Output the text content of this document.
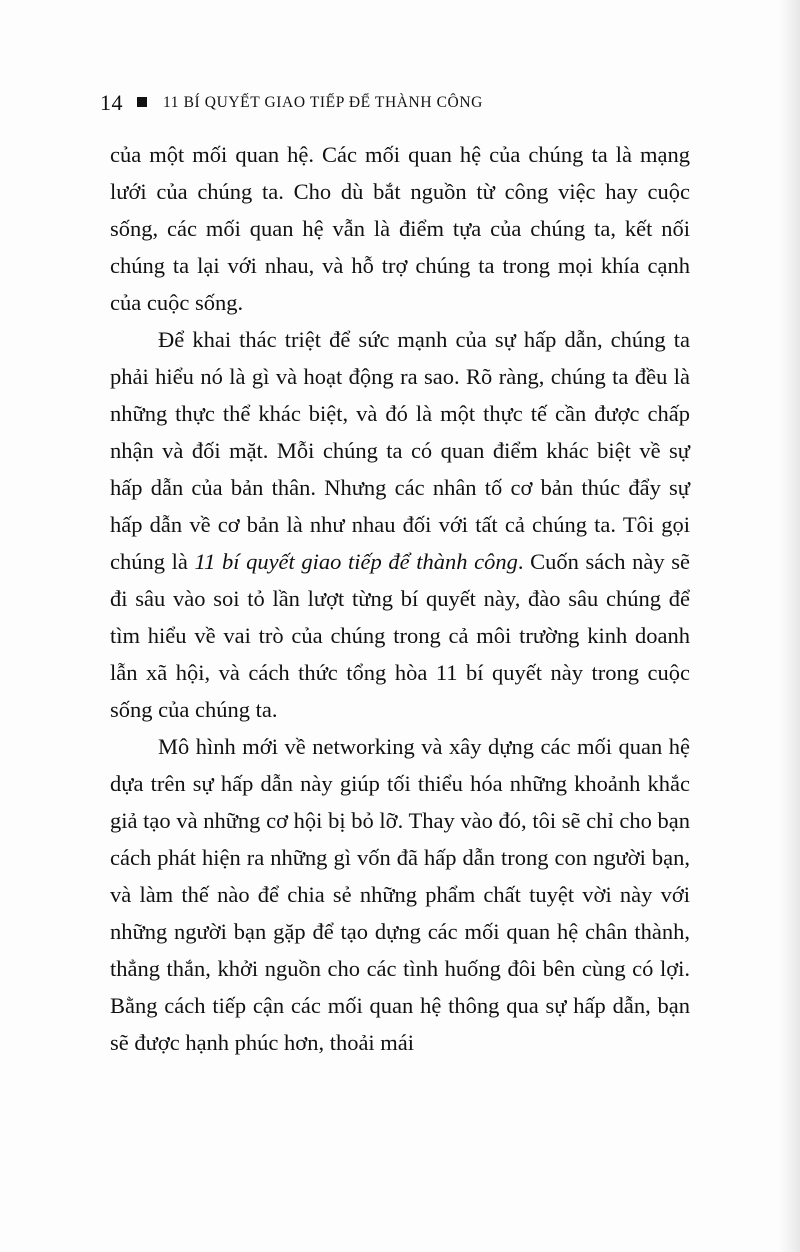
14	11 BÍ QUYẾT GIAO TIẾP ĐỂ THÀNH CÔNG

của một mối quan hệ. Các mối quan hệ của chúng ta là mạng lưới của chúng ta. Cho dù bắt nguồn từ công việc hay cuộc sống, các mối quan hệ vẫn là điểm tựa của chúng ta, kết nối chúng ta lại với nhau, và hỗ trợ chúng ta trong mọi khía cạnh của cuộc sống.

Để khai thác triệt để sức mạnh của sự hấp dẫn, chúng ta phải hiểu nó là gì và hoạt động ra sao. Rõ ràng, chúng ta đều là những thực thể khác biệt, và đó là một thực tế cần được chấp nhận và đối mặt. Mỗi chúng ta có quan điểm khác biệt về sự hấp dẫn của bản thân. Nhưng các nhân tố cơ bản thúc đẩy sự hấp dẫn về cơ bản là như nhau đối với tất cả chúng ta. Tôi gọi chúng là 11 bí quyết giao tiếp để thành công. Cuốn sách này sẽ đi sâu vào soi tỏ lần lượt từng bí quyết này, đào sâu chúng để tìm hiểu về vai trò của chúng trong cả môi trường kinh doanh lẫn xã hội, và cách thức tổng hòa 11 bí quyết này trong cuộc sống của chúng ta.

Mô hình mới về networking và xây dựng các mối quan hệ dựa trên sự hấp dẫn này giúp tối thiểu hóa những khoảnh khắc giả tạo và những cơ hội bị bỏ lỡ. Thay vào đó, tôi sẽ chỉ cho bạn cách phát hiện ra những gì vốn đã hấp dẫn trong con người bạn, và làm thế nào để chia sẻ những phẩm chất tuyệt vời này với những người bạn gặp để tạo dựng các mối quan hệ chân thành, thẳng thắn, khởi nguồn cho các tình huống đôi bên cùng có lợi. Bằng cách tiếp cận các mối quan hệ thông qua sự hấp dẫn, bạn sẽ được hạnh phúc hơn, thoải mái
